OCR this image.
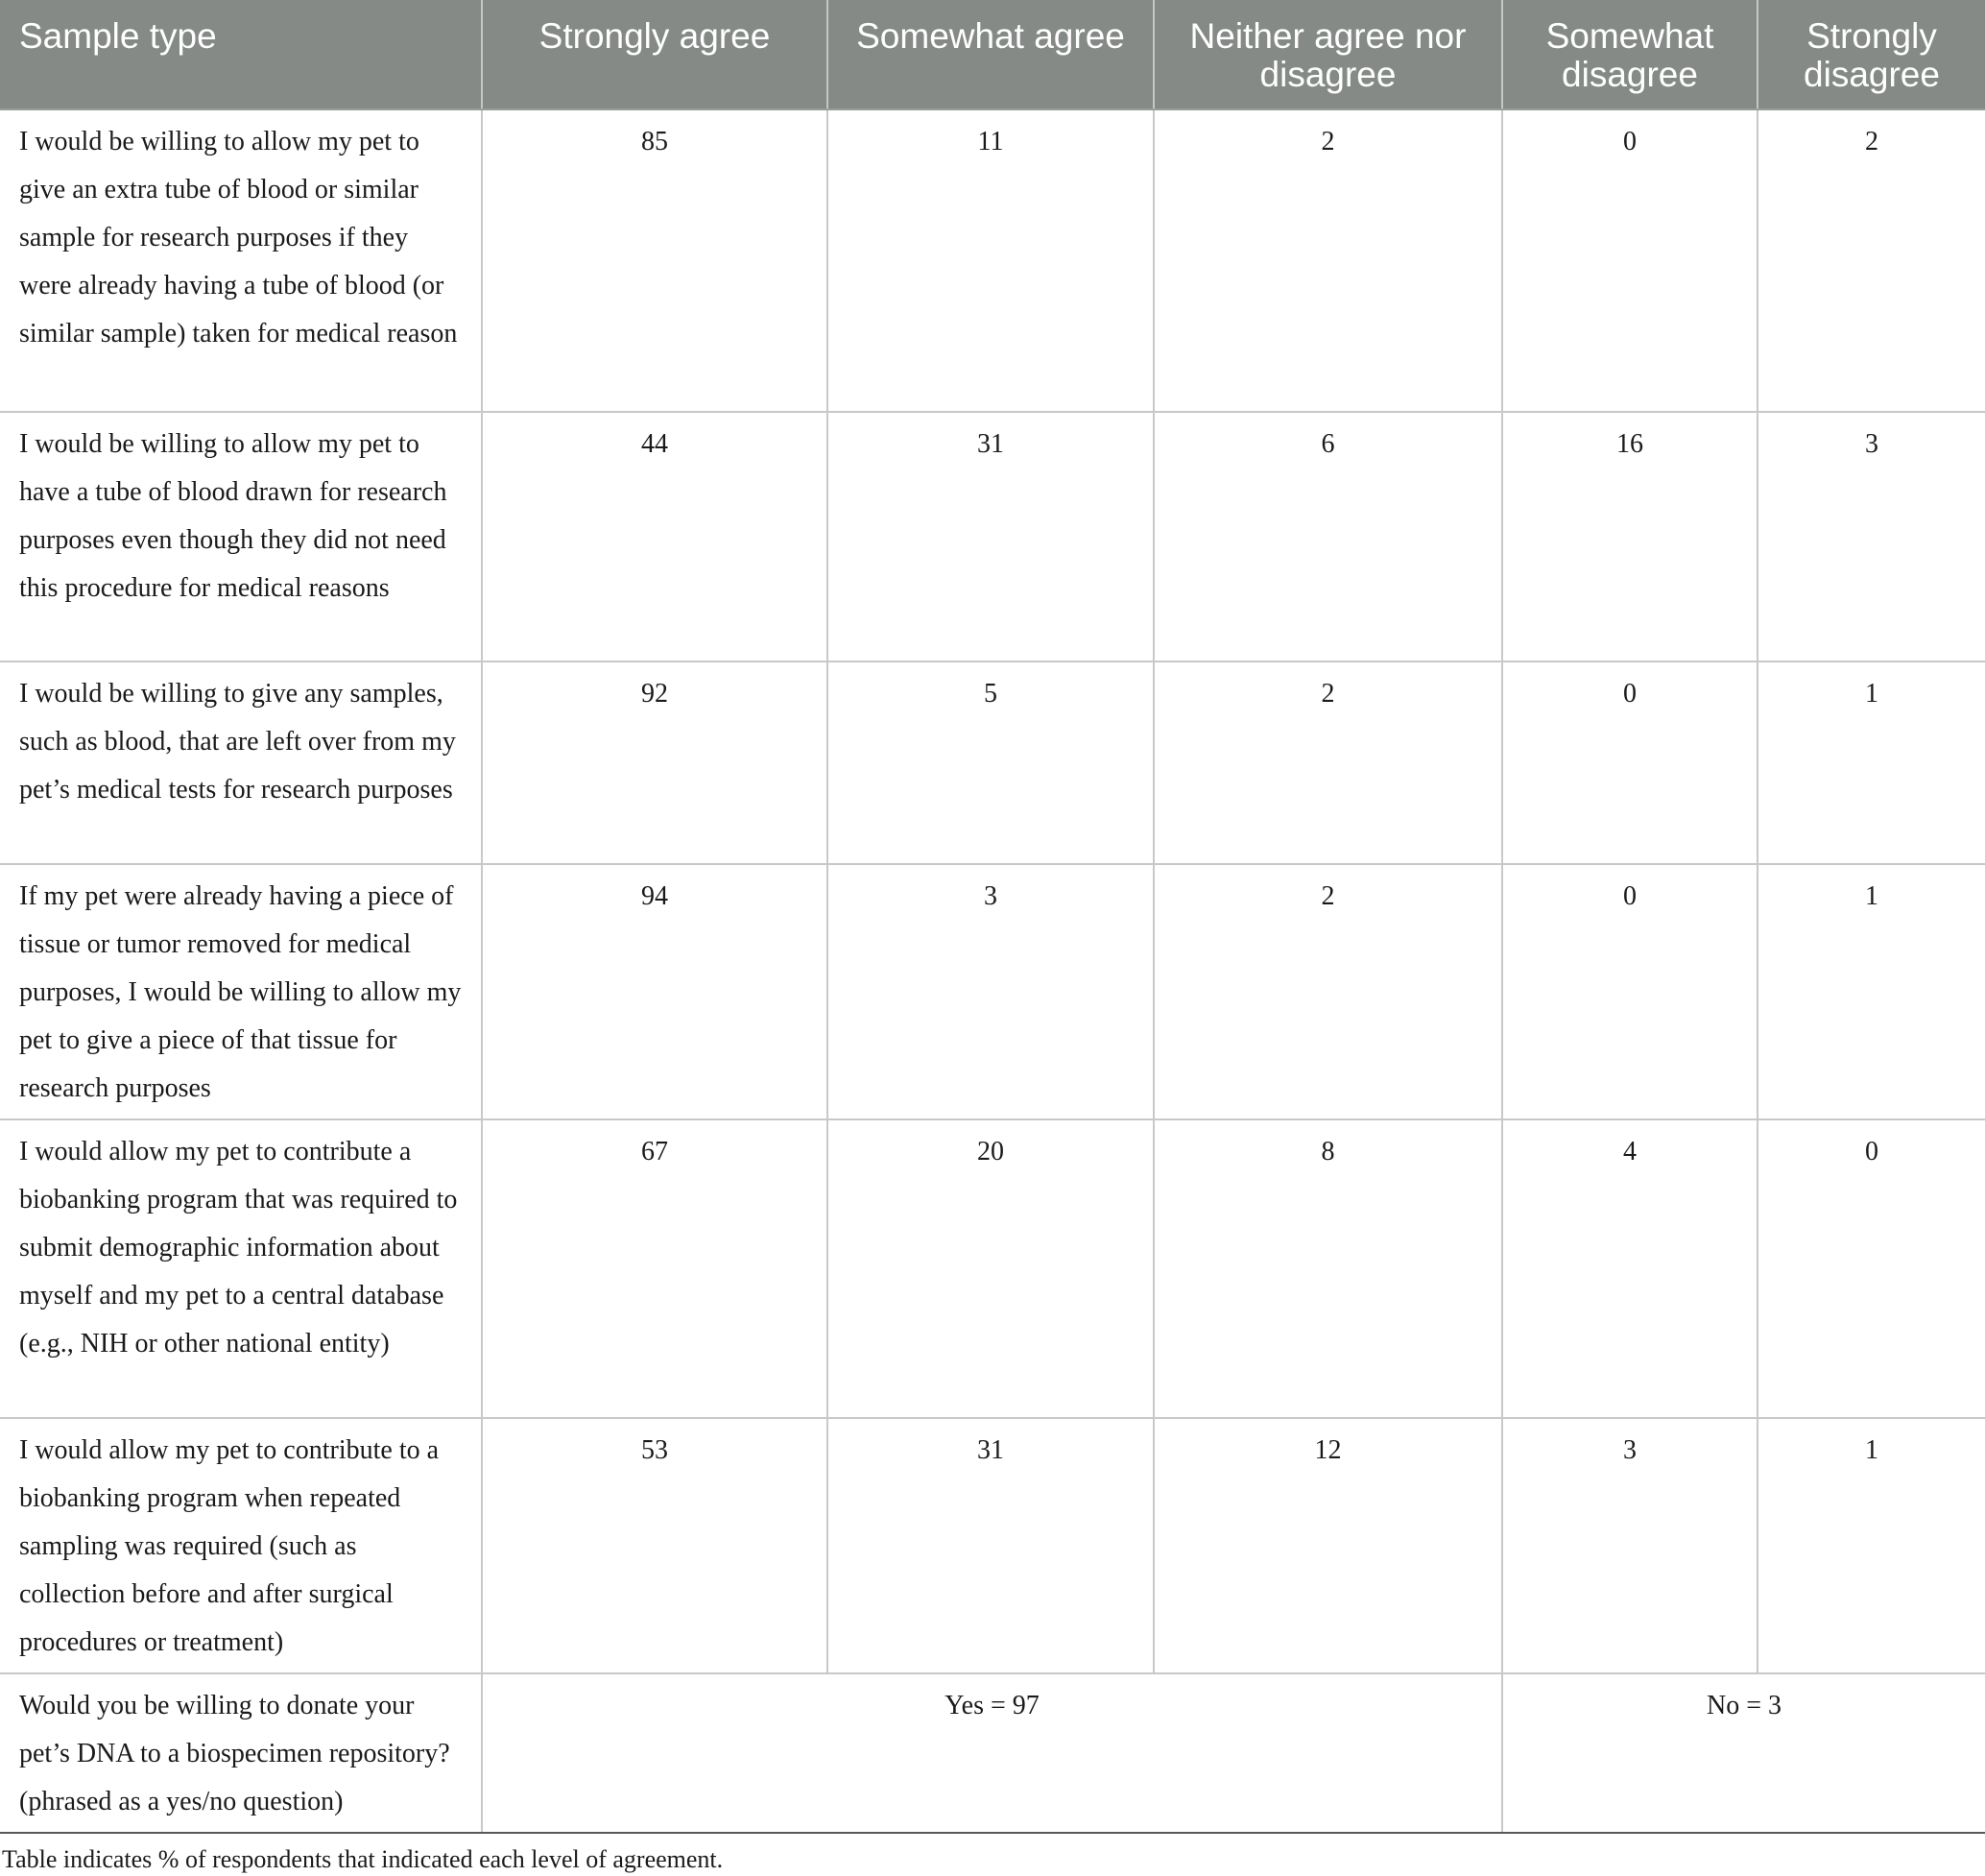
Sample type	Strongly agree	Somewhat agree	Neither agree nor disagree	Somewhat disagree	Strongly disagree
I would be willing to allow my pet to give an extra tube of blood or similar sample for research purposes if they were already having a tube of blood (or similar sample) taken for medical reason	85	11	2	0	2
I would be willing to allow my pet to have a tube of blood drawn for research purposes even though they did not need this procedure for medical reasons	44	31	6	16	3
I would be willing to give any samples, such as blood, that are left over from my pet’s medical tests for research purposes	92	5	2	0	1
If my pet were already having a piece of tissue or tumor removed for medical purposes, I would be willing to allow my pet to give a piece of that tissue for research purposes	94	3	2	0	1
I would allow my pet to contribute a biobanking program that was required to submit demographic information about myself and my pet to a central database (e.g., NIH or other national entity)	67	20	8	4	0
I would allow my pet to contribute to a biobanking program when repeated sampling was required (such as collection before and after surgical procedures or treatment)	53	31	12	3	1
Would you be willing to donate your pet’s DNA to a biospecimen repository? (phrased as a yes/no question)	Yes = 97			No = 3	
Table indicates % of respondents that indicated each level of agreement.
